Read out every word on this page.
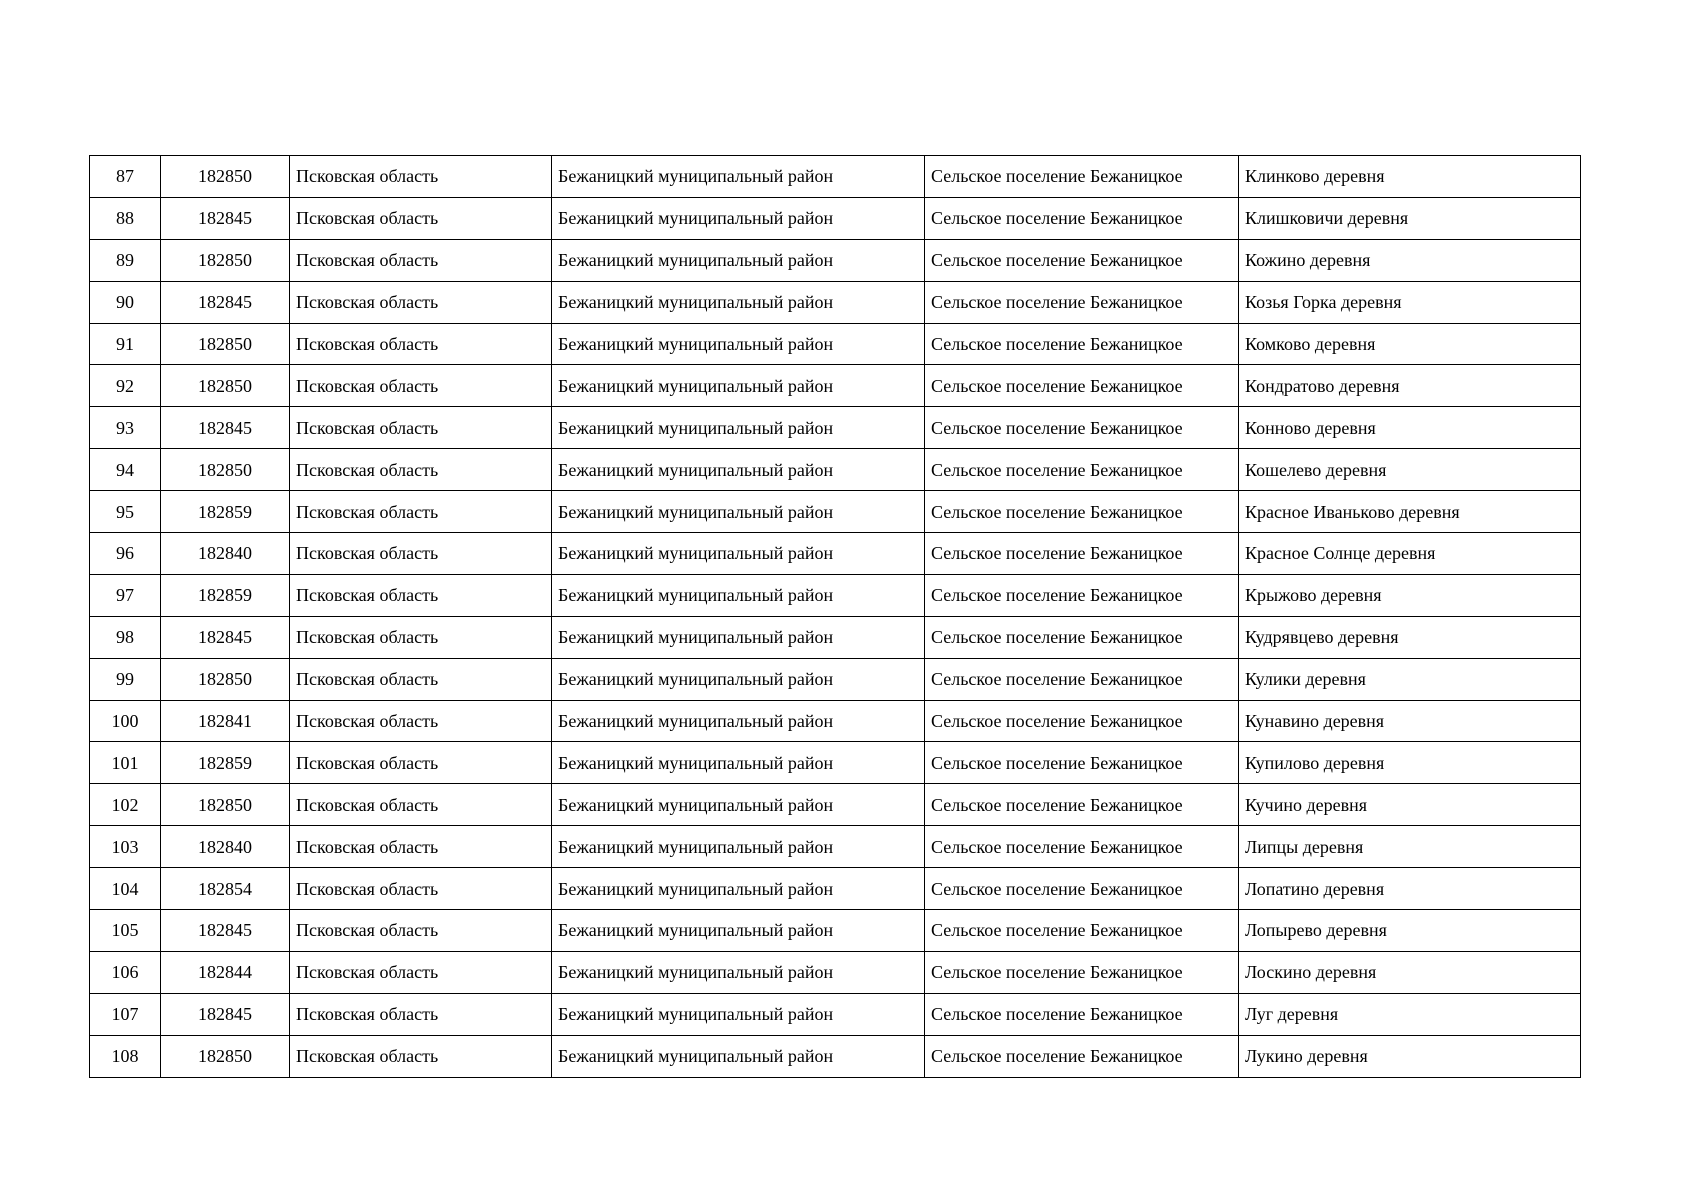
87	182850	Псковская область	Бежаницкий муниципальный район	Сельское поселение Бежаницкое	Клинково деревня
88	182845	Псковская область	Бежаницкий муниципальный район	Сельское поселение Бежаницкое	Клишковичи деревня
89	182850	Псковская область	Бежаницкий муниципальный район	Сельское поселение Бежаницкое	Кожино деревня
90	182845	Псковская область	Бежаницкий муниципальный район	Сельское поселение Бежаницкое	Козья Горка деревня
91	182850	Псковская область	Бежаницкий муниципальный район	Сельское поселение Бежаницкое	Комково деревня
92	182850	Псковская область	Бежаницкий муниципальный район	Сельское поселение Бежаницкое	Кондратово деревня
93	182845	Псковская область	Бежаницкий муниципальный район	Сельское поселение Бежаницкое	Конново деревня
94	182850	Псковская область	Бежаницкий муниципальный район	Сельское поселение Бежаницкое	Кошелево деревня
95	182859	Псковская область	Бежаницкий муниципальный район	Сельское поселение Бежаницкое	Красное Иваньково деревня
96	182840	Псковская область	Бежаницкий муниципальный район	Сельское поселение Бежаницкое	Красное Солнце деревня
97	182859	Псковская область	Бежаницкий муниципальный район	Сельское поселение Бежаницкое	Крыжово деревня
98	182845	Псковская область	Бежаницкий муниципальный район	Сельское поселение Бежаницкое	Кудрявцево деревня
99	182850	Псковская область	Бежаницкий муниципальный район	Сельское поселение Бежаницкое	Кулики деревня
100	182841	Псковская область	Бежаницкий муниципальный район	Сельское поселение Бежаницкое	Кунавино деревня
101	182859	Псковская область	Бежаницкий муниципальный район	Сельское поселение Бежаницкое	Купилово деревня
102	182850	Псковская область	Бежаницкий муниципальный район	Сельское поселение Бежаницкое	Кучино деревня
103	182840	Псковская область	Бежаницкий муниципальный район	Сельское поселение Бежаницкое	Липцы деревня
104	182854	Псковская область	Бежаницкий муниципальный район	Сельское поселение Бежаницкое	Лопатино деревня
105	182845	Псковская область	Бежаницкий муниципальный район	Сельское поселение Бежаницкое	Лопырево деревня
106	182844	Псковская область	Бежаницкий муниципальный район	Сельское поселение Бежаницкое	Лоскино деревня
107	182845	Псковская область	Бежаницкий муниципальный район	Сельское поселение Бежаницкое	Луг деревня
108	182850	Псковская область	Бежаницкий муниципальный район	Сельское поселение Бежаницкое	Лукино деревня
